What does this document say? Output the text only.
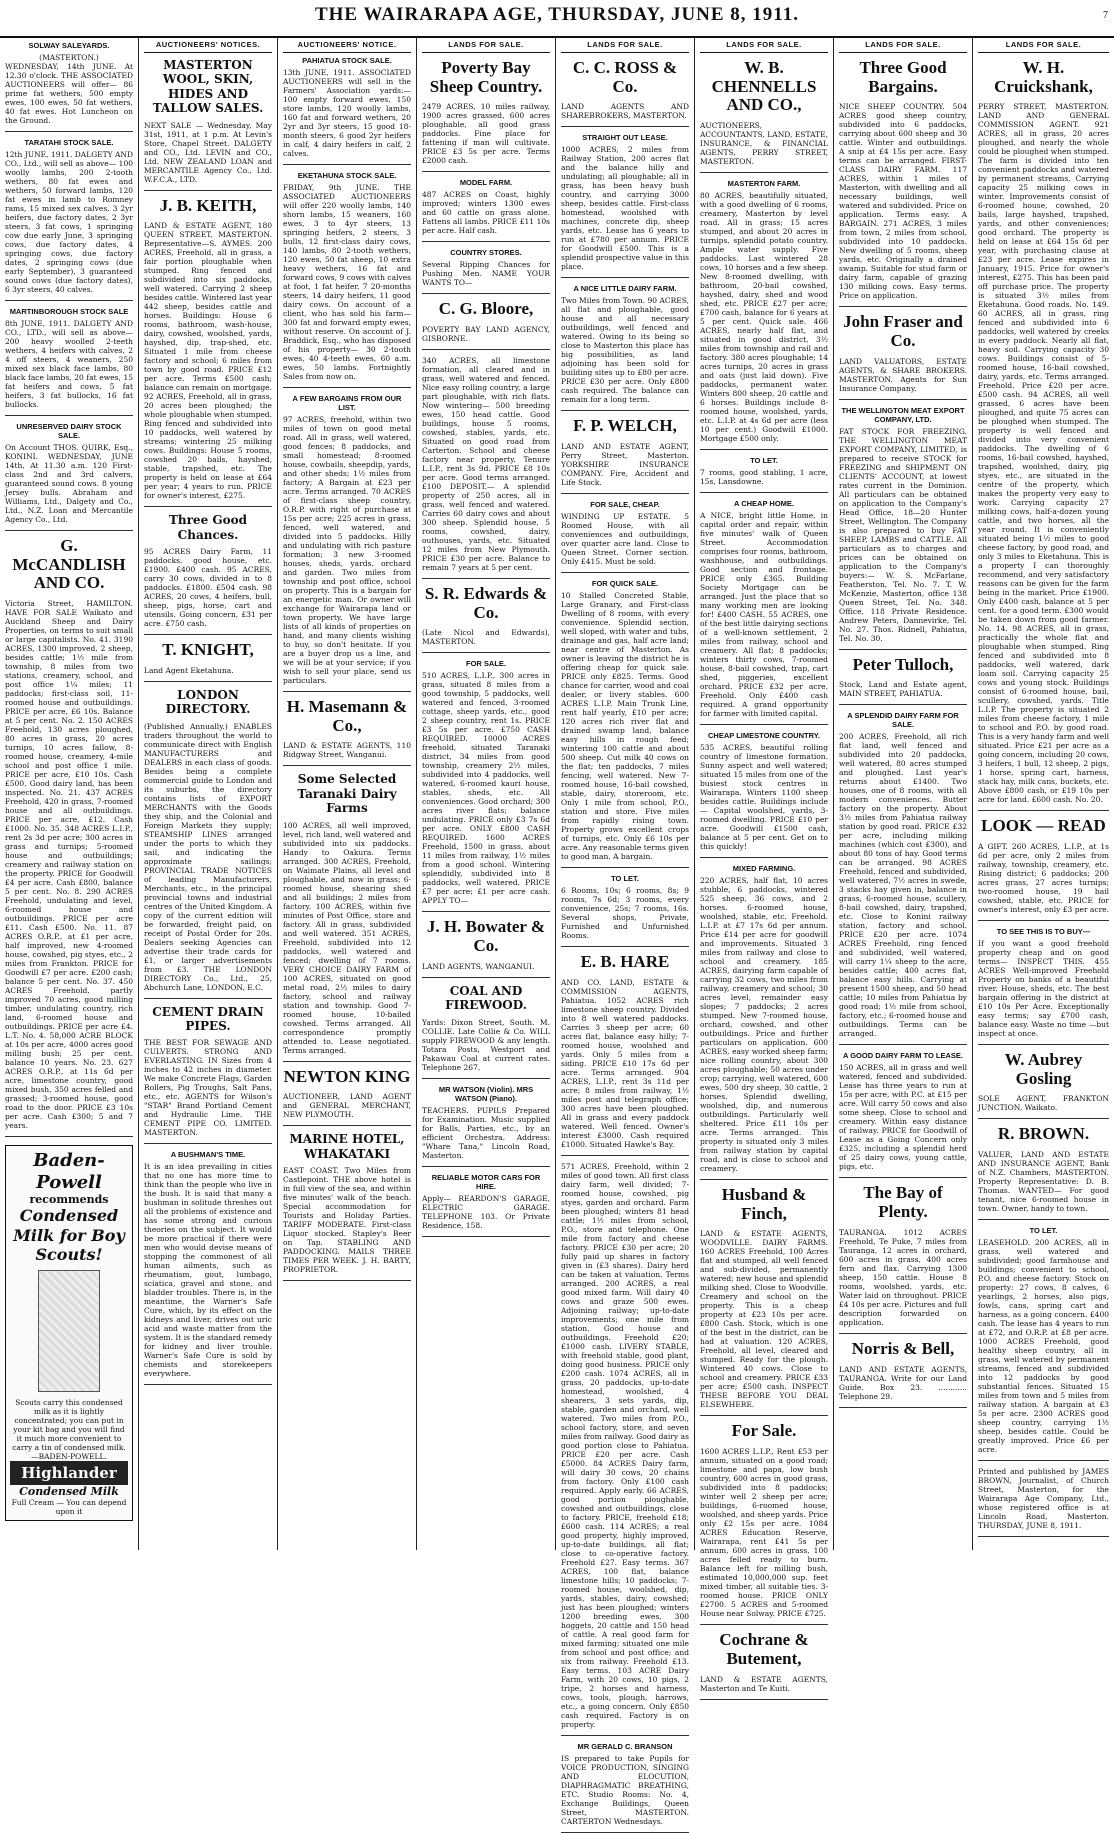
THE WAIRARAPA AGE, THURSDAY, JUNE 8, 1911.	7
SOLWAY SALEYARDS.
(MASTERTON.)

WEDNESDAY, 14th JUNE. At 12.30 o'clock. THE ASSOCIATED AUCTIONEERS will offer— 86 prime fat wethers, 500 empty ewes, 100 ewes, 50 fat wethers, 40 fat ewes. Hot Luncheon on the Ground.

TARATAHI STOCK SALE.

12th JUNE, 1911. DALGETY AND CO., Ltd., will sell as above— 100 woolly lambs, 200 2-tooth wethers, 80 fat ewes and wethers, 50 forward lambs, 120 fat ewes in lamb to Romney rams, 15 mixed sex calves, 3 2yr heifers, due factory dates, 2 3yr steers, 3 fat cows, 1 springing cow due early June, 3 springing cows, due factory dates, 4 springing cows, due factory dates, 2 springing cows (due early September), 3 guaranteed sound cows (due factory dates), 6 3yr steers, 40 calves.

MARTINBOROUGH STOCK SALE

8th JUNE, 1911. DALGETY AND CO., LTD., will sell as above— 200 heavy woolled 2-teeth wethers, 4 heifers with calves, 2 4 off steers, 4 weaners, 250 mixed sex black face lambs, 80 black face lambs, 20 fat ewes, 15 fat heifers and cows, 5 fat heifers, 3 fat bullocks, 16 fat bullocks.

UNRESERVED DAIRY STOCK SALE.

On Account THOS. QUIRK, Esq., KONINI. WEDNESDAY, JUNE 14th, At 11.30 a.m. 120 First-class 2nd and 3rd calvers, guaranteed sound cows. 8 young Jersey bulls. Abraham and Williams, Ltd., Dalgety and Co., Ltd., N.Z. Loan and Mercantile Agency Co., Ltd.

G. McCANDLISH AND CO.

Victoria Street, HAMILTON. HAVE FOR SALE Waikato and Auckland Sheep and Dairy Properties, on terms to suit small or large capitalists. No. 41. 3190 ACRES, 1300 improved, 2 sheep, besides cattle; 1½ mile from township, 8 miles from two stations, creamery, school, and post office 1¼ miles; 11 paddocks; first-class soil, 11-roomed house and outbuildings. PRICE per acre, £6 10s. Balance at 5 per cent. No. 2. 150 ACRES Freehold, 130 acres ploughed, 80 acres in grass, 20 acres turnips, 10 acres fallow, 8-roomed house, creamery, 4-mile school and post office 1 mile. PRICE per acre, £10 10s. Cash £500. Good dairy land, has been inspected. No. 21. 437 ACRES Freehold, 420 in grass, 7-roomed house and all outbuildings. PRICE per acre, £12. Cash £1000. No. 35. 348 ACRES L.I.P., rent 2s 3d per acre; 300 acres in grass and turnips; 5-roomed house and outbuildings; creamery and railway station on the property. PRICE for Goodwill £4 per acre. Cash £800, balance 5 per cent. No. 8. 290 ACRES Freehold, undulating and level, 6-roomed house and outbuildings. PRICE per acre £11. Cash £500. No. 11. 87 ACRES O.R.P., at £1 per acre, half improved, new 4-roomed house, cowshed, pig styes, etc., 2 miles from Frankton. PRICE for Goodwill £7 per acre. £200 cash; balance 5 per cent. No. 37. 450 ACRES Freehold, partly improved 70 acres, good milling timber, undulating country, rich land, 6-roomed house and outbuildings. PRICE per acre £4. L.T. No. 4. 58,000 ACRE BLOCK at 10s per acre, 4000 acres good milling bush; 25 per cent. balance 10 years. No. 23. 627 ACRES O.R.P., at 11s 6d per acre, limestone country, good mixed bush, 350 acres felled and grassed; 3-roomed house, good road to the door. PRICE £3 10s per acre. Cash £300; 5 and 7 years.

Baden-Powell
recommends
Condensed Milk for Boy Scouts!
Scouts carry this condensed milk as it is lightly concentrated; you can put in your kit bag and you will find it much more convenient to carry a tin of condensed milk. —BADEN-POWELL.
Highlander
Condensed Milk
Full Cream — You can depend upon it
AUCTIONEERS' NOTICES.
MASTERTON WOOL, SKIN, HIDES AND TALLOW SALES.

NEXT SALE — Wednesday, May 31st, 1911, at 1 p.m. At Levin's Store, Chapel Street. DALGETY and CO., Ltd. LEVIN and CO., Ltd. NEW ZEALAND LOAN and MERCANTILE Agency Co., Ltd. W.F.C.A., LTD.

J. B. KEITH,

LAND & ESTATE AGENT, 180 QUEEN STREET, MASTERTON. Representative—S. AYMES. 200 ACRES, Freehold, all in grass, a fair portion ploughable when stumped. Ring fenced and subdivided into six paddocks, well watered. Carrying 2 sheep besides cattle. Wintered last year 442 sheep, besides cattle and horses. Buildings: House 6 rooms, bathroom, wash-house, dairy, cowshed, woolshed, yards, hayshed, dip, trap-shed, etc. Situated 1 mile from cheese factory and school; 6 miles from town by good road. PRICE £12 per acre. Terms £500 cash; balance can remain on mortgage. 92 ACRES, Freehold, all in grass, 20 acres been ploughed; the whole ploughable when stumped. Ring fenced and subdivided into 10 paddocks, well watered by streams; wintering 25 milking cows. Buildings: House 5 rooms, cowshed 20 bails, hayshed, stable, trapshed, etc. The property is held on lease at £64 per year; 4 years to run. PRICE for owner's interest, £275.

Three Good Chances.

95 ACRES Dairy Farm, 11 paddocks, good house, etc. £1900. £400 cash. 95 ACRES, carry 30 cows, divided in to 8 paddocks. £1800. £504 cash. 98 ACRES, 20 cows, 4 heifers, bull, sheep, pigs, horse, cart and utensils. Going concern, £31 per acre. £750 cash.

T. KNIGHT,

Land Agent Eketahuna.

LONDON DIRECTORY.

(Published Annually.) ENABLES traders throughout the world to communicate direct with English MANUFACTURERS and DEALERS in each class of goods. Besides being a complete commercial guide to London and its suburbs, the directory contains lists of EXPORT MERCHANTS with the Goods they ship, and the Colonial and Foreign Markets they supply; STEAMSHIP LINES arranged under the ports to which they sail, and indicating the approximate sailings; PROVINCIAL TRADE NOTICES of leading Manufacturers, Merchants, etc., in the principal provincial towns and industrial centres of the United Kingdom. A copy of the current edition will be forwarded, freight paid, on receipt of Postal Order for 20s. Dealers seeking Agencies can advertise their trade cards for £1, or larger advertisements from £3. THE LONDON DIRECTORY Co., Ltd., 25, Abchurch Lane, LONDON, E.C.

CEMENT DRAIN PIPES.

THE BEST FOR SEWAGE AND CULVERTS. STRONG AND EVERLASTING. IN Sizes from 4 inches to 42 inches in diameter. We make Concrete Flags, Garden Rollers, Pig Troughs, Salt Pans, etc., etc. AGENTS for Wilson's "STAR" Brand Portland Cement and Hydraulic Lime. THE CEMENT PIPE CO. LIMITED. MASTERTON.

A BUSHMAN'S TIME.

It is an idea prevailing in cities that no one has more time to think than the people who live in the bush. It is said that many a bushman in solitude threshes out all the problems of existence and has some strong and curious theories on the subject. It would be more practical if there were men who would devise means of stopping the commonest of all human ailments, such as rheumatism, gout, lumbago, sciatica, gravel and stone, and bladder troubles. There is, in the meantime, the Warner's Safe Cure, which, by its effect on the kidneys and liver, drives out uric acid and waste matter from the system. It is the standard remedy for kidney and liver trouble. Warner's Safe Cure is sold by chemists and storekeepers everywhere.

AUCTIONEERS' NOTICE.
PAHIATUA STOCK SALE.

13th JUNE, 1911. ASSOCIATED AUCTIONEERS will sell in the Farmers' Association yards:— 100 empty forward ewes, 150 store lambs, 120 woolly lambs, 160 fat and forward wethers, 20 2yr and 3yr steers, 15 good 18-month steers, 6 good 2yr heifers in calf, 4 dairy heifers in calf, 2 calves.

EKETAHUNA STOCK SALE.

FRIDAY, 9th JUNE. THE ASSOCIATED AUCTIONEERS will offer 220 woolly lambs, 140 shorn lambs, 15 weaners, 160 ewes, 3 to 4yr steers, 13 springing heifers, 2 steers, 3 bulls, 12 first-class dairy cows, 140 lambs, 80 2-tooth wethers, 120 ewes, 50 fat sheep, 10 extra heavy wethers, 16 fat and forward cows, 9 cows with calves at foot, 1 fat heifer, 7 20-months steers, 14 dairy heifers, 11 good dairy cows. On account of a client, who has sold his farm— 300 fat and forward empty ewes, without reserve. On account of J. Braddick, Esq., who has disposed of his property— 30 2-tooth ewes, 40 4-teeth ewes, 60 a.m. ewes, 50 lambs. Fortnightly Sales from now on.

A FEW BARGAINS FROM OUR LIST.

97 ACRES, freehold, within two miles of town on good metal road. All in grass, well watered, good fences; 8 paddocks, and small homestead; 8-roomed house, cowbails, sheepdip, yards, and other sheds; 1½ miles from factory; A Bargain at £23 per acre. Terms arranged. 70 ACRES of first-class sheep country, O.R.P. with right of purchase at 15s per acre; 225 acres in grass, fenced, well watered, and divided into 5 paddocks. Hilly and undulating with rich pasture formation; 3 new 3-roomed houses, sheds, yards, orchard and garden. Two miles from township and post office, school on property. This is a bargain for an energetic man. Or owner will exchange for Wairarapa land or town property. We have large lists of all kinds of properties on hand, and many clients wishing to buy, so don't hesitate. If you are a buyer drop us a line, and we will be at your service; if you wish to sell your place, send us particulars.

H. Masemann & Co.,

LAND & ESTATE AGENTS, 110 Ridgway Street, Wanganui.

Some Selected Taranaki Dairy Farms

100 ACRES, all well improved, level, rich land, well watered and subdivided into six paddocks. Handy to Oakura. Terms arranged. 300 ACRES, Freehold, on Waimate Plains, all level and ploughable, and now in grass; 6-roomed house, shearing shed and all buildings; 2 miles from factory. 100 ACRES, within five minutes of Post Office, store and factory. All in grass, subdivided and well watered. 351 ACRES, Freehold, subdivided into 12 paddocks, well watered and fenced; dwelling of 7 rooms. VERY CHOICE DAIRY FARM of 100 ACRES, situated on good metal road, 2½ miles to dairy factory, school and railway station and township. Good 7-roomed house, 10-bailed cowshed. Terms arranged. All correspondence promptly attended to. Lease negotiated. Terms arranged.

NEWTON KING

AUCTIONEER, LAND AGENT and GENERAL MERCHANT, NEW PLYMOUTH.

MARINE HOTEL, WHAKATAKI

EAST COAST. Two Miles from Castlepoint. THE above hotel is in full view of the sea, and within five minutes' walk of the beach. Special accommodation for Tourists and Holiday Parties. TARIFF MODERATE. First-class Liquor stocked. Stapley's Beer on Tap. STABLING AND PADDOCKING. MAILS THREE TIMES PER WEEK. J. H. BARTY, PROPRIETOR.

LANDS FOR SALE.
Poverty Bay Sheep Country.

2479 ACRES, 10 miles railway, 1900 acres grassed, 600 acres ploughable, all good grass paddocks. Fine place for fattening if man will cultivate. PRICE £3 5s per acre. Terms £2000 cash.

MODEL FARM.

487 ACRES on Coast, highly improved; winters 1300 ewes and 60 cattle on grass alone. Fattens all lambs. PRICE £11 10s per acre. Half cash.

COUNTRY STORES.

Several Ripping Chances for Pushing Men. NAME YOUR WANTS TO—

C. G. Bloore,

POVERTY BAY LAND AGENCY, GISBORNE.

340 ACRES, all limestone formation, all cleared and in grass, well watered and fenced. Nice easy rolling country, a large part ploughable, with rich flats. Now wintering— 500 breeding ewes, 150 head cattle. Good buildings, house 5 rooms, cowshed, stables, yards, etc. Situated on good road from Carterton. School and cheese factory near property. Tenure L.I.P., rent 3s 9d. PRICE £8 10s per acre. Good terms arranged. £100 DEPOSIT.— A splendid property of 250 acres, all in grass, well fenced and watered. Carries 60 dairy cows and about 300 sheep. Splendid house, 5 rooms, cowshed, dairy, outhouses, yards, etc. Situated 12 miles from New Plymouth. PRICE £30 per acre. Balance to remain 7 years at 5 per cent.

S. R. Edwards & Co.

(Late Nicol and Edwards), MASTERTON.

FOR SALE.

510 ACRES, L.I.P., 300 acres in grass, situated 8 miles from a good township, 5 paddocks, well watered and fenced, 3-roomed cottage, sheep yards, etc., good 2 sheep country, rent 1s. PRICE £3 5s per acre. £750 CASH REQUIRED. 10000 ACRES freehold, situated Taranaki district, 34 miles from good township, creamery 2½ miles, subdivided into 4 paddocks, well watered, 6-roomed kauri house, stables, sheds, etc. All conveniences. Good orchard; 300 acres river flats; balance undulating. PRICE only £3 7s 6d per acre. ONLY £800 CASH REQUIRED. 1600 ACRES Freehold, 1500 in grass, about 11 miles from railway, 1½ miles from a good school. Wintering splendidly, subdivided into 8 paddocks, well watered. PRICE £7 per acre; £1 per acre cash. APPLY TO—

J. H. Bowater & Co.

LAND AGENTS, WANGANUI.

COAL AND FIREWOOD.

Yards: Dixon Street, South. M. COLLIE. Late Collie & Co. WILL supply FIREWOOD & any length. Totara Posts, Westport and Pakawau Coal at current rates. Telephone 267.

MR WATSON (Violin). MRS WATSON (Piano).

TEACHERS. PUPILS Prepared for Examination. Music supplied for Balls, Parties, etc., by an efficient Orchestra. Address: "Whare Tana," Lincoln Road, Masterton.

RELIABLE MOTOR CARS FOR HIRE.

Apply— REARDON'S GARAGE, ELECTRIC GARAGE. TELEPHONE 103. Or Private Residence, 158.

LANDS FOR SALE.
C. C. ROSS & Co.

LAND AGENTS AND SHAREBROKERS, MASTERTON.

STRAIGHT OUT LEASE.

1000 ACRES, 2 miles from Railway Station, 200 acres flat and the balance hilly and undulating; all ploughable; all in grass, has been heavy bush country, and carrying 3000 sheep, besides cattle. First-class homestead, woolshed with machines, concrete dip, sheep yards, etc. Lease has 6 years to run at £780 per annum. PRICE for Goodwill £500. This is a splendid prospective value in this place.

A NICE LITTLE DAIRY FARM.

Two Miles from Town. 90 ACRES, all flat and ploughable, good house and all necessary outbuildings, well fenced and watered. Owing to its being so close to Masterton this place has big possibilities, as land adjoining has been sold for building sites up to £80 per acre. PRICE £30 per acre. Only £800 cash required. The balance can remain for a long term.

F. P. WELCH,

LAND AND ESTATE AGENT, Perry Street, Masterton. YORKSHIRE INSURANCE COMPANY. Fire, Accident and Life Stock.

FOR SALE, CHEAP.

WINDING UP ESTATE. 5 Roomed House, with all conveniences and outbuildings, over quarter acre land. Close to Queen Street. Corner section. Only £415. Must be sold.

FOR QUICK SALE.

10 Stalled Concreted Stable, Large Granary, and First-class Dwelling of 8 rooms, with every convenience. Splendid section, well sloped, with water and tubs, drainage and gas, half acre land; near centre of Masterton. As owner is leaving the district he is offering cheap for quick sale. PRICE only £825. Terms. Good chance for carrier, wood and coal dealer, or livery stables. 600 ACRES L.I.P. Main Trunk Line, rent half yearly, £10 per acre; 120 acres rich river flat and drained swamp land, balance easy hills in rough feed; wintering 100 cattle and about 500 sheep. Cut milk 40 cows on the flat; ten paddocks, 7 miles fencing, well watered. New 7-roomed house, 16-bail cowshed, stable, dairy, storeroom, etc. Only 1 mile from school, P.O., station and store. Five miles from rapidly rising town. Property grows excellent crops of turnips, etc. Only £6 10s per acre. Any reasonable terms given to good man. A bargain.

TO LET.

6 Rooms, 10s; 6 rooms, 8s; 9 rooms, 7s 6d; 3 rooms, every convenience, 25s; 7 rooms, 16s. Several shops, Private, Furnished and Unfurnished Rooms.

E. B. HARE

AND CO. LAND, ESTATE & COMMISSION AGENTS, Pahiatua. 1052 ACRES rich limestone sheep country. Divided into 8 well watered paddocks. Carries 3 sheep per acre; 60 acres flat, balance easy hilly; 7-roomed house, woolshed and yards. Only 5 miles from a siding. PRICE £10 17s 6d per acre. Terms arranged. 904 ACRES, L.I.P., rent 3s 11d per acre; 8 miles from railway, 1½ miles post and telegraph office; 300 acres have been ploughed. All in grass and every paddock watered. Well fenced. Owner's interest £3000. Cash required £1000. Situated Hawke's Bay.

571 ACRES, Freehold, within 2 miles of good town. All first class dairy farm, well divided; 7-roomed house, cowshed, pig styes, garden and orchard. Farm been ploughed; winters 81 head cattle; 1½ miles from school, P.O., store and telephone. One mile from factory and cheese factory. PRICE £30 per acre; 20 fully paid up shares in factory given in (£3 shares). Dairy herd can be taken at valuation. Terms arranged. 200 ACRES, a real good mixed farm. Will dairy 40 cows and graze 500 ewes. Adjoining railway; up-to-date improvements; one mile from station. Good house and outbuildings. Freehold £20; £1000 cash. LIVERY STABLE, with freehold stable, good plant, doing good business. PRICE only £200 cash. 1074 ACRES, all in grass, 20 paddocks, up-to-date homestead, woolshed, 4 shearers, 3 sets yards, dip, stable, garden and orchard, well watered. Two miles from P.O., school factory, store, and seven miles from railway. Good dairy as good portion close to Pahiatua. PRICE £20 per acre. Cash £5000. 84 ACRES Dairy farm, will dairy 30 cows, 20 chains from factory. Only £100 cash required. Apply early. 66 ACRES, good portion ploughable, cowshed and outbuildings, close to factory. PRICE, freehold £18; £600 cash. 114 ACRES; a real good property, highly improved, up-to-date buildings, all flat; close to co-operative factory. Freehold £27. Easy terms. 367 ACRES, 100 flat, balance limestone hills; 10 paddocks; 7-roomed house, woolshed, dip, yards, stables, dairy, cowshed; just has been ploughed; winters 1200 breeding ewes, 300 hoggets, 20 cattle and 150 head of cattle. A real good farm for mixed farming; situated one mile from school and post office; and six from railway. Freehold £13. Easy terms. 103 ACRE Dairy Farm, with 20 cows, 10 pigs, 2 tripe, 2 horses and harness, cows, tools, plough, harrows, etc., a going concern. Only £850 cash required. Factory is on property.

MR GERALD C. BRANSON

IS prepared to take Pupils for VOICE PRODUCTION, SINGING AND ELOCUTION, DIAPHRAGMATIC BREATHING, ETC. Studio Rooms: No. 4, Exchange Buildings, Queen Street, MASTERTON. CARTERTON Wednesdays.

LANDS FOR SALE.
W. B. CHENNELLS AND CO.,

AUCTIONEERS, ACCOUNTANTS, LAND, ESTATE, INSURANCE, & FINANCIAL AGENTS, PERRY STREET, MASTERTON.

MASTERTON FARM.

80 ACRES, beautifully situated, with a good dwelling of 6 rooms, creamery, Masterton by level road. All in grass; 15 acres stumped, and about 20 acres in turnips, splendid potato country. Ample water supply. Five paddocks. Last wintered 28 cows, 10 horses and a few sheep. New 8-roomed dwelling, with bathroom, 20-bail cowshed, hayshed, dairy, shed and wood shed, etc. PRICE £27 per acre; £700 cash, balance for 6 years at 5 per cent. Quick sale. 466 ACRES, nearly half flat, and situated in good district, 3½ miles from township and rail and factory. 380 acres ploughable; 14 acres turnips, 20 acres in grass and oats (just laid down). Five paddocks, permanent water. Winters 800 sheep, 20 cattle and 6 horses. Buildings include 8-roomed house, woolshed, yards, etc. L.I.P. at 4s 6d per acre (less 10 per cent.) Goodwill £1000. Mortgage £500 only.

TO LET.

7 rooms, good stabling, 1 acre, 15s, Lansdowne.

A CHEAP HOME.

A NICE, bright little Home, in capital order and repair, within five minutes' walk of Queen Street. Accommodation comprises four rooms, bathroom, washhouse, and outbuildings. Good section and frontage. PRICE only £365. Building Society Mortgage can be arranged. Just the place that so many working men are looking for! £400 CASH. 55 ACRES, one of the best little dairying sections of a well-known settlement, 2 miles from railway, school and creamery. All flat; 8 paddocks; winters thirty cows, 7-roomed house, 8-bail cowshed, trap, cart shed, piggeries, excellent orchard. PRICE £32 per acre. Freehold. Only £400 cash required. A grand opportunity for farmer with limited capital.

CHEAP LIMESTONE COUNTRY.

535 ACRES, beautiful rolling country of limestone formation. Sunny aspect and well watered; situated 15 miles from one of the busiest stock centres in Wairarapa. Winters 1100 sheep besides cattle. Buildings include— Capital woolshed, yards, 3-roomed dwelling. PRICE £10 per acre. Goodwill £1500 cash, balance at 5 per cent. Get on to this quickly!

MIXED FARMING.

220 ACRES, half flat, 10 acres stubble, 6 paddocks, wintered 525 sheep, 36 cows, and 2 horses. 6-roomed house, woolshed, stable, etc. Freehold. L.I.P. at £7 17s 6d per annum. Price £14 per acre for goodwill and improvements. Situated 3 miles from railway and close to school and creamery. 185 ACRES, dairying farm capable of carrying 32 cows, two miles from railway, creamery and school; 30 acres level, remainder easy slopes; 7 paddocks; 2 acres stumped. New 7-roomed house, orchard, cowshed, and other outbuildings. Price and further particulars on application. 600 ACRES, easy worked sheep farm; nice rolling country, about 300 acres ploughable; 50 acres under crop; carrying, well watered, 600 ewes, 500 dry sheep, 30 cattle, 2 horses. Splendid dwelling, woolshed, dip, and numerous outbuildings. Particularly well sheltered. Price £11 10s per acre. Terms arranged. This property is situated only 3 miles from railway station by capital road, and is close to school and creamery.

Husband & Finch,

LAND & ESTATE AGENTS, WOODVILLE. DAIRY FARMS. 160 ACRES Freehold, 100 Acres flat and stumped, all well fenced and sub-divided, permanently watered; new house and splendid milking shed. Close to Woodville. Creamery and school on the property. This is a cheap property at £23 10s per acre. £800 Cash. Stock, which is one of the best in the district, can be had at valuation. 120 ACRES, Freehold, all level, cleared and stumped. Ready for the plough. Wintered 40 cows. Close to school and creamery. PRICE £33 per acre; £500 cash. INSPECT THESE BEFORE YOU DEAL ELSEWHERE.

For Sale.

1600 ACRES L.I.P., Rent £53 per annum, situated on a good road; limestone and papa, low bush country, 600 acres in good grass, subdivided into 8 paddocks; winter well 2 sheep per acre; buildings, 6-roomed house, woolshed, and sheep yards. Price only £2 15s per acre. 1084 ACRES Education Reserve, Wairarapa, rent £41 5s per annum, 600 acres in grass, 100 acres felled ready to burn. Balance left for milling bush, estimated 10,000,000 sup. feet mixed timber, all suitable ties. 3-roomed house. PRICE ONLY £2700. 5 ACRES and 5-roomed House near Solway. PRICE £725.

Cochrane & Butement,

LAND & ESTATE AGENTS, Masterton and Te Kuiti.

LANDS FOR SALE.
Three Good Bargains.

NICE SHEEP COUNTRY. 504 ACRES good sheep country, subdivided into 6 paddocks, carrying about 600 sheep and 30 cattle. Winter and outbuildings. A snip at £4 15s per acre. Easy terms can be arranged. FIRST-CLASS DAIRY FARM. 117 ACRES, within 1 miles of Masterton, with dwelling and all necessary buildings, well watered and subdivided. Price on application. Terms easy. A BARGAIN. 271 ACRES, 3 miles from town, 2 miles from school, subdivided into 10 paddocks. New dwelling of 5 rooms, sheep yards, etc. Originally a drained swamp. Suitable for stud farm or dairy farm, capable of grazing 130 milking cows. Easy terms. Price on application.

John Fraser and Co.

LAND VALUATORS, ESTATE AGENTS, & SHARE BROKERS. MASTERTON. Agents for Sun Insurance Company.

THE WELLINGTON MEAT EXPORT COMPANY, LTD.

FAT STOCK FOR FREEZING. THE WELLINGTON MEAT EXPORT COMPANY, LIMITED, is prepared to receive STOCK for FREEZING and SHIPMENT ON CLIENTS' ACCOUNT, at lowest rates current in the Dominion. All particulars can be obtained on application to the Company's Head Office, 18—20 Hunter Street, Wellington. The Company is also prepared to buy FAT SHEEP, LAMBS and CATTLE. All particulars as to charges and prices can be obtained on application to the Company's buyers:— W. S. McFarlane, Featherston, Tel. No. 7. T. W. McKenzie, Masterton, office 138 Queen Street, Tel. No. 348. Office, 118 Private Residence. Andrew Peters, Dannevirke, Tel. No. 27. Thos. Ridnell, Pahiatua, Tel. No. 30.

Peter Tulloch,

Stock, Land and Estate agent, MAIN STREET, PAHIATUA.

A SPLENDID DAIRY FARM FOR SALE.

200 ACRES, Freehold, all rich flat land, well fenced and subdivided into 20 paddocks, well watered, 80 acres stumped and ploughed. Last year's returns about £1400. Two houses, one of 8 rooms, with all modern conveniences. Butter factory on the property. About 3½ miles from Pahiatua railway station by good road. PRICE £32 per acre, including milking machines (which cost £300), and about 80 tons of hay. Good terms can be arranged. 98 ACRES Freehold, fenced and subdivided, well watered, 7½ acres in swede, 3 stacks hay given in, balance in grass, 6-roomed house, scullery, 8-bail cowshed, dairy, trapshed, etc. Close to Konini railway station, factory and school. PRICE £20 per acre. 1074 ACRES Freehold, ring fenced and subdivided, well watered, will carry 1¼ sheep to the acre, besides cattle; 400 acres flat, balance easy hills. Carrying at present 1500 sheep, and 50 head cattle; 10 miles from Pahiatua by good road; 1½ mile from school, factory, etc.; 6-roomed house and outbuildings. Terms can be arranged.

A GOOD DAIRY FARM TO LEASE.

150 ACRES, all in grass and well watered, fenced and subdivided. Lease has three years to run at 15s per acre, with P.C. at £15 per acre. Will carry 50 cows and also some sheep. Close to school and creamery. Within easy distance of railway. PRICE for Goodwill of Lease as a Going Concern only £325, including a splendid herd of 25 dairy cows, young cattle, pigs, etc.

The Bay of Plenty.

TAURANGA. 1012 ACRES Freehold, Te Puke, 7 miles from Tauranga, 12 acres in orchard, 600 acres in grass, 400 acres fern and flax. Carrying 1300 sheep, 150 cattle. House 8 rooms, woolshed, yards, etc. Water laid on throughout. PRICE £4 10s per acre. Pictures and full description forwarded on application.

Norris & Bell,

LAND AND ESTATE AGENTS, TAURANGA. Write for our Land Guide. Box 23. ............ Telephone 29.

LANDS FOR SALE.
W. H. Cruickshank,

PERRY STREET, MASTERTON. LAND AND GENERAL COMMISSION AGENT. 921 ACRES, all in grass, 20 acres ploughed, and nearly the whole could be ploughed when stumped. The farm is divided into ten convenient paddocks and watered by permanent streams. Carrying capacity 25 milking cows in winter. Improvements consist of 6-roomed house, cowshed, 20 bails, large hayshed, trapshed, yards, and other conveniences; good orchard. The property is held on lease at £64 15s 6d per year, with purchasing clause at £23 per acre. Lease expires in January, 1915. Price for owner's interest, £275. This has been paid off purchase price. The property is situated 3½ miles from Eketahuna. Good roads. No. 149. 60 ACRES, all in grass, ring fenced and subdivided into 6 paddocks, well watered by creeks in every paddock. Nearly all flat, heavy soil. Carrying capacity 30 cows. Buildings consist of 5-roomed house, 16-bail cowshed, dairy, yards, etc. Terms arranged. Freehold. Price £20 per acre. £500 cash. 94 ACRES, all well grassed, 6 acres have been ploughed, and quite 75 acres can be ploughed when stumped. The property is well fenced and divided into very convenient paddocks. The dwelling of 6 rooms, 16-bail cowshed, hayshed, trapshed, woolshed, dairy, pig styes, etc., are situated in the centre of the property, which makes the property very easy to work. Carrying capacity 27 milking cows, half-a-dozen young cattle, and two horses, all the year round. It is conveniently situated being 1½ miles to good cheese factory, by good road, and only 3 miles to Eketahuna. This is a property I can thoroughly recommend, and very satisfactory reasons can be given for the farm being in the market. Price £1900. Only £400 cash, balance at 5 per cent. for a good term. £300 would be taken down from good farmer. No. 14. 98 ACRES, all in grass, practically the whole flat and ploughable when stumped. Ring fenced and subdivided into 8 paddocks, well watered, dark loam soil. Carrying capacity 25 cows and young stock. Buildings consist of 6-roomed house, bail, scullery, cowshed, yards. Title L.I.P. The property is situated 2 miles from cheese factory, 1 mile to school and P.O. by good road. This is a very handy farm and well situated. Price £21 per acre as a going concern, including 20 cows, 3 heifers, 1 bull, 12 sheep, 2 pigs, 1 horse, spring cart, harness, stack hay, milk cans, buckets, etc. Above £800 cash, or £19 10s per acre for land. £600 cash. No. 20.

LOOK — READ

A GIFT. 260 ACRES, L.I.P., at 1s 6d per acre, only 2 miles from railway, township, creamery, etc. Rising district; 6 paddocks; 200 acres grass, 27 acres turnips; two-roomed house, 19 bail cowshed, stable, etc. PRICE for owner's interest, only £3 per acre.

TO SEE THIS IS TO BUY—

If you want a good freehold property cheap and on good terms— INSPECT THIS. 455 ACRES Well-improved Freehold Property on banks of a beautiful river. House, sheds, etc. The best bargain offering in the district at £10 10s Per Acre. Exceptionally easy terms; say £700 cash, balance easy. Waste no time —but inspect at once.

W. Aubrey Gosling

SOLE AGENT, FRANKTON JUNCTION, Waikato.

R. BROWN.

VALUER, LAND AND ESTATE AND INSURANCE AGENT, Bank of N.Z. Chambers, MASTERTON. Property Representative: D. B. Thomas. WANTED— For good tenant, nice 6-roomed house in town. Owner, handy to town.

TO LET.

LEASEHOLD. 200 ACRES, all in grass, well watered and subdivided; good farmhouse and buildings; convenient to school, P.O. and cheese factory. Stock on property: 27 cows, 8 calves, 6 yearlings, 2 horses, also pigs, fowls, cans, spring cart and harness, as a going concern. £400 cash. The lease has 4 years to run at £72, and O.R.P. at £8 per acre. 1000 ACRES Freehold, good healthy sheep country, all in grass, well watered by permanent streams, fenced and subdivided into 12 paddocks by good substantial fences. Situated 15 miles from town and 5 miles from railway station. A bargain at £3 5s per acre. 2300 ACRES good sheep country, carrying 1½ sheep, besides cattle. Could be greatly improved. Price £6 per acre.

Printed and published by JAMES BROWN, Journalist, of Church Street, Masterton, for the Wairarapa Age Company, Ltd., whose registered office is at Lincoln Road, Masterton. THURSDAY, JUNE 8, 1911.
